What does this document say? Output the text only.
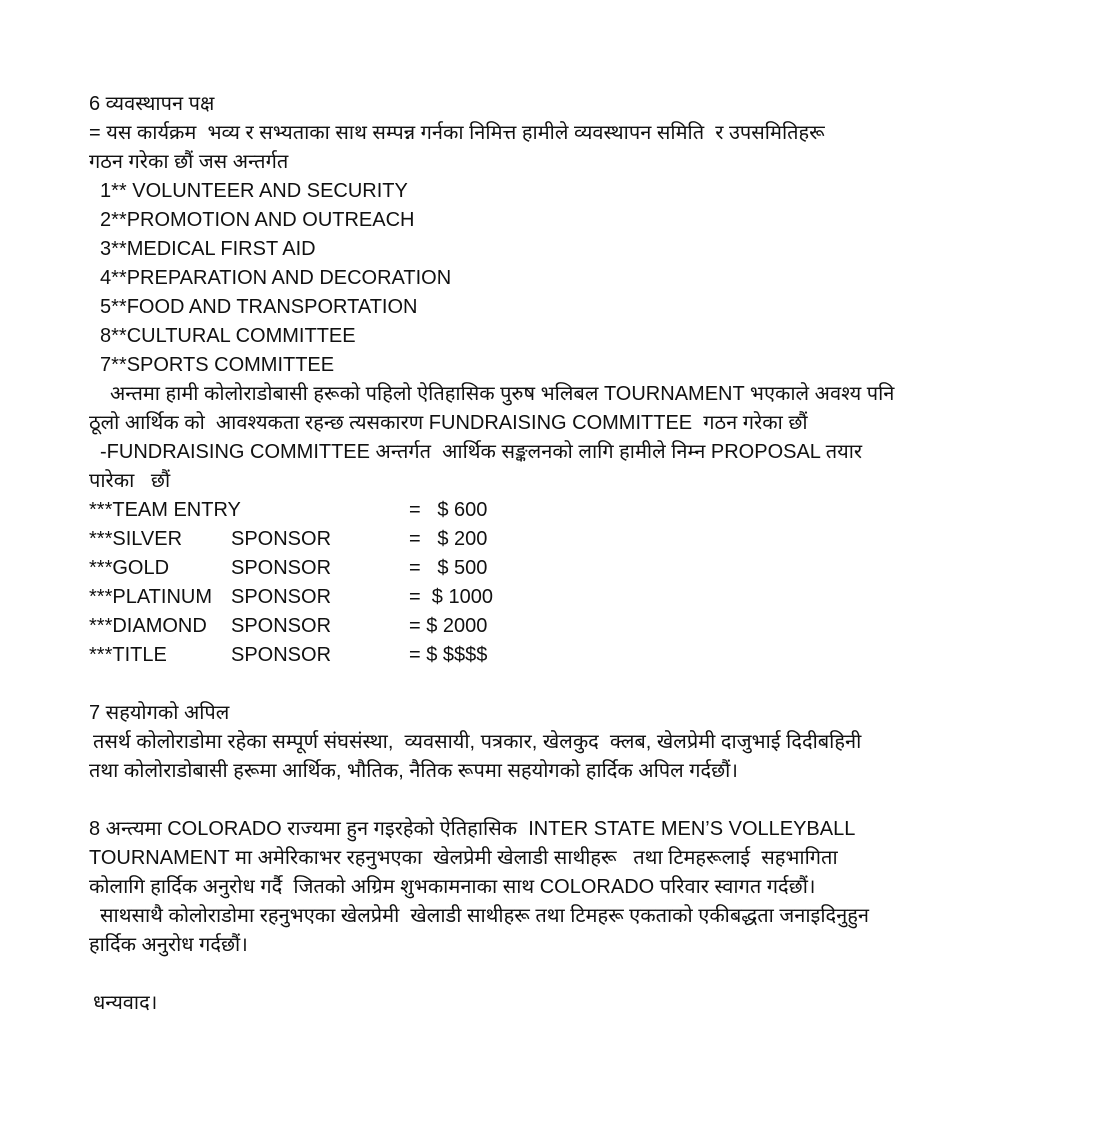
6 व्यवस्थापन पक्ष
= यस कार्यक्रम  भव्य र सभ्यताका साथ सम्पन्न गर्नका निमित्त हामीले व्यवस्थापन समिति  र उपसमितिहरू
गठन गरेका छौं जस अन्तर्गत
1** VOLUNTEER AND SECURITY
2**PROMOTION AND OUTREACH
3**MEDICAL FIRST AID
4**PREPARATION AND DECORATION
5**FOOD AND TRANSPORTATION
8**CULTURAL COMMITTEE
7**SPORTS COMMITTEE
अन्तमा हामी कोलोराडोबासी हरूको पहिलो ऐतिहासिक पुरुष भलिबल TOURNAMENT भएकाले अवश्य पनि
ठूलो आर्थिक को  आवश्यकता रहन्छ त्यसकारण FUNDRAISING COMMITTEE  गठन गरेका छौं
-FUNDRAISING COMMITTEE अन्तर्गत  आर्थिक सङ्कलनको लागि हामीले निम्न PROPOSAL तयार
पारेका   छौं
***TEAM ENTRY	=   $ 600
***SILVER	SPONSOR	=   $ 200
***GOLD	SPONSOR	=   $ 500
***PLATINUM SPONSOR	=  $ 1000
***DIAMOND	SPONSOR	= $ 2000
***TITLE	SPONSOR	= $ $$$$
7 सहयोगको अपिल
तसर्थ कोलोराडोमा रहेका सम्पूर्ण संघसंस्था,  व्यवसायी, पत्रकार, खेलकुद  क्लब, खेलप्रेमी दाजुभाई दिदीबहिनी
तथा कोलोराडोबासी हरूमा आर्थिक, भौतिक, नैतिक रूपमा सहयोगको हार्दिक अपिल गर्दछौं।
8 अन्त्यमा COLORADO राज्यमा हुन गइरहेको ऐतिहासिक  INTER STATE MEN’S VOLLEYBALL
TOURNAMENT मा अमेरिकाभर रहनुभएका  खेलप्रेमी खेलाडी साथीहरू   तथा टिमहरूलाई  सहभागिता
कोलागि हार्दिक अनुरोध गर्दै  जितको अग्रिम शुभकामनाका साथ COLORADO परिवार स्वागत गर्दछौं।
साथसाथै कोलोराडोमा रहनुभएका खेलप्रेमी  खेलाडी साथीहरू तथा टिमहरू एकताको एकीबद्धता जनाइदिनुहुन
हार्दिक अनुरोध गर्दछौं।
धन्यवाद।
